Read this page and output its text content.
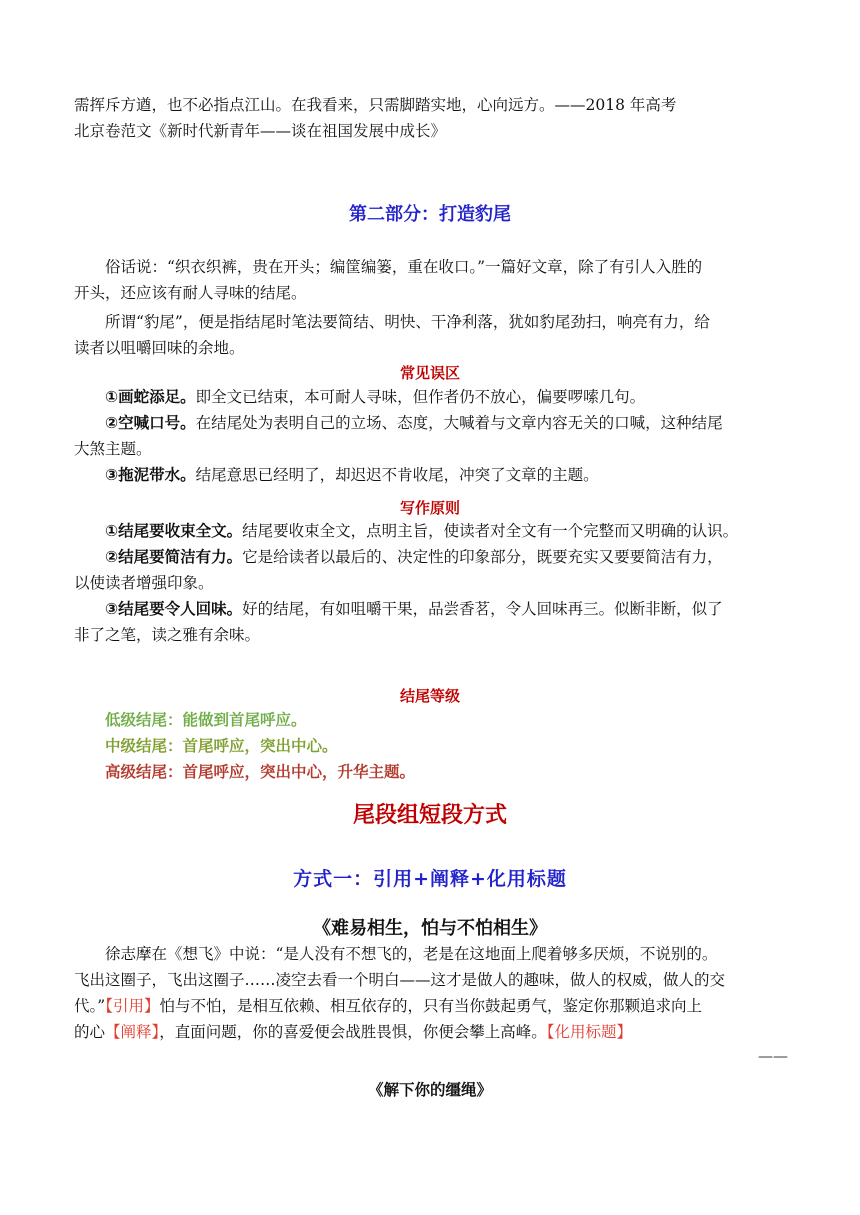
需挥斥方遒，也不必指点江山。在我看来，只需脚踏实地，心向远方。——2018 年高考
北京卷范文《新时代新青年——谈在祖国发展中成长》
第二部分：打造豹尾
俗话说：“织衣织裤，贵在开头；编筐编篓，重在收口。”一篇好文章，除了有引人入胜的
开头，还应该有耐人寻味的结尾。
所谓“豹尾”，便是指结尾时笔法要简结、明快、干净利落，犹如豹尾劲扫，响亮有力，给
读者以咀嚼回味的余地。
常见误区
①画蛇添足。即全文已结束，本可耐人寻味，但作者仍不放心，偏要啰嗦几句。
②空喊口号。在结尾处为表明自己的立场、态度，大喊着与文章内容无关的口喊，这种结尾
大煞主题。
③拖泥带水。结尾意思已经明了，却迟迟不肯收尾，冲突了文章的主题。
写作原则
①结尾要收束全文。结尾要收束全文，点明主旨，使读者对全文有一个完整而又明确的认识。
②结尾要简洁有力。它是给读者以最后的、决定性的印象部分，既要充实又要要简洁有力，
以使读者增强印象。
③结尾要令人回味。好的结尾，有如咀嚼干果，品尝香茗，令人回味再三。似断非断，似了
非了之笔，读之雅有余味。
结尾等级
低级结尾：能做到首尾呼应。
中级结尾：首尾呼应，突出中心。
高级结尾：首尾呼应，突出中心，升华主题。
尾段组短段方式
方式一：引用+阐释+化用标题
《难易相生，怕与不怕相生》
徐志摩在《想飞》中说：“是人没有不想飞的，老是在这地面上爬着够多厌烦，不说别的。
飞出这圈子，飞出这圈子……凌空去看一个明白——这才是做人的趣味，做人的权威，做人的交
代。”【引用】怕与不怕，是相互依赖、相互依存的，只有当你鼓起勇气，鉴定你那颗追求向上
的心【阐释】，直面问题，你的喜爱便会战胜畏惧，你便会攀上高峰。【化用标题】
——
《解下你的缰绳》
